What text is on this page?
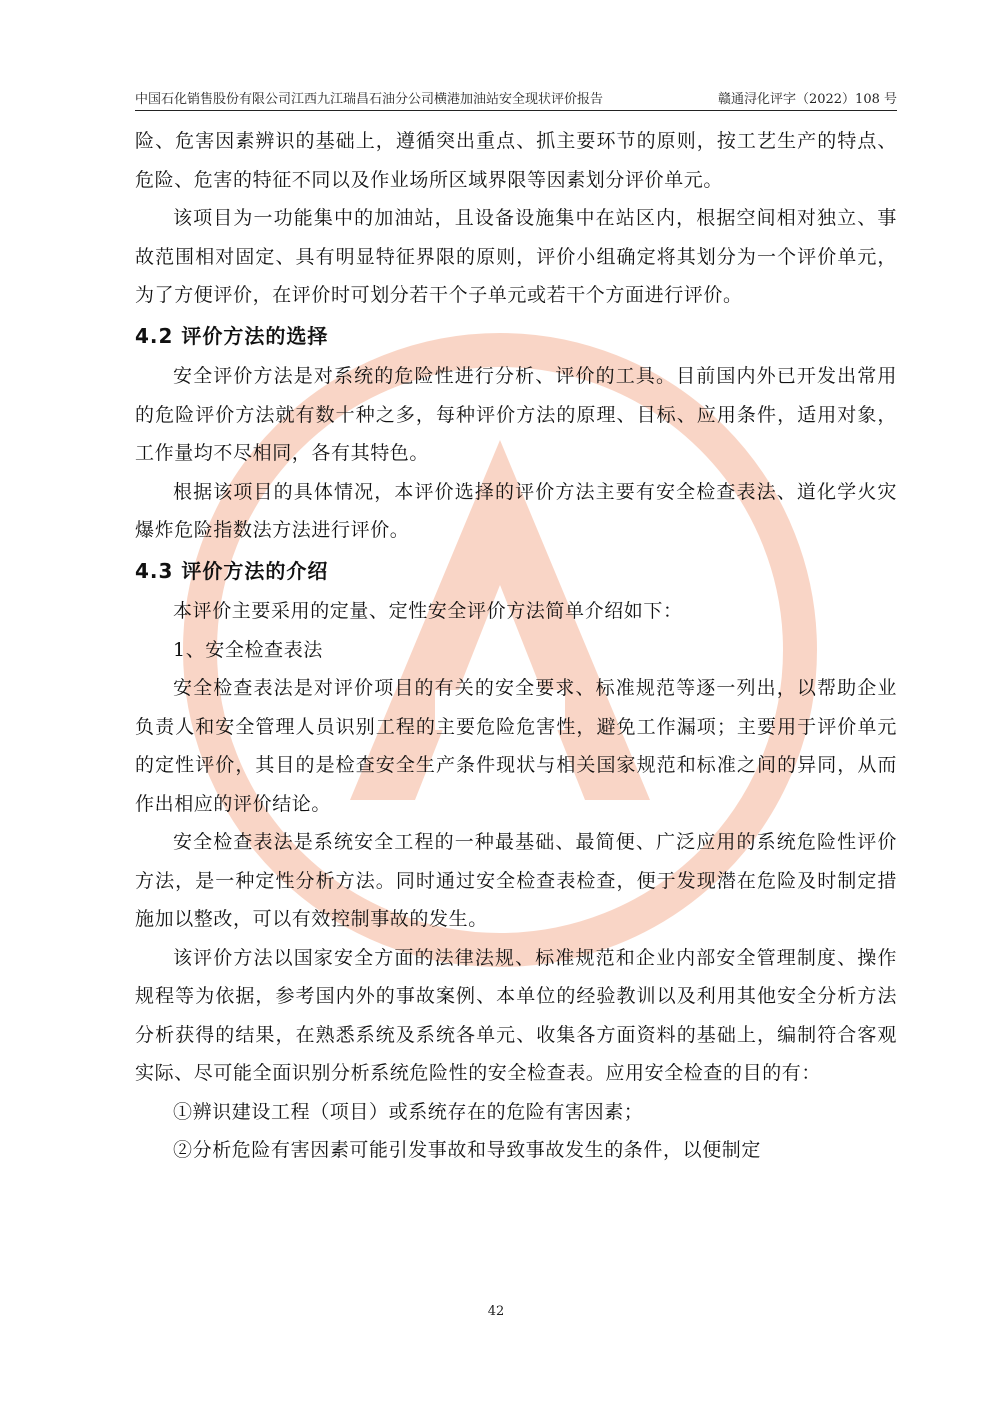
中国石化销售股份有限公司江西九江瑞昌石油分公司横港加油站安全现状评价报告	赣通浔化评字（2022）108 号

险、危害因素辨识的基础上，遵循突出重点、抓主要环节的原则，按工艺生产的特点、危险、危害的特征不同以及作业场所区域界限等因素划分评价单元。

该项目为一功能集中的加油站，且设备设施集中在站区内，根据空间相对独立、事故范围相对固定、具有明显特征界限的原则，评价小组确定将其划分为一个评价单元，为了方便评价，在评价时可划分若干个子单元或若干个方面进行评价。

4.2 评价方法的选择

安全评价方法是对系统的危险性进行分析、评价的工具。目前国内外已开发出常用的危险评价方法就有数十种之多，每种评价方法的原理、目标、应用条件，适用对象，工作量均不尽相同，各有其特色。

根据该项目的具体情况，本评价选择的评价方法主要有安全检查表法、道化学火灾爆炸危险指数法方法进行评价。

4.3 评价方法的介绍

本评价主要采用的定量、定性安全评价方法简单介绍如下：

1、安全检查表法

安全检查表法是对评价项目的有关的安全要求、标准规范等逐一列出，以帮助企业负责人和安全管理人员识别工程的主要危险危害性，避免工作漏项；主要用于评价单元的定性评价，其目的是检查安全生产条件现状与相关国家规范和标准之间的异同，从而作出相应的评价结论。

安全检查表法是系统安全工程的一种最基础、最简便、广泛应用的系统危险性评价方法，是一种定性分析方法。同时通过安全检查表检查，便于发现潜在危险及时制定措施加以整改，可以有效控制事故的发生。

该评价方法以国家安全方面的法律法规、标准规范和企业内部安全管理制度、操作规程等为依据，参考国内外的事故案例、本单位的经验教训以及利用其他安全分析方法分析获得的结果，在熟悉系统及系统各单元、收集各方面资料的基础上，编制符合客观实际、尽可能全面识别分析系统危险性的安全检查表。应用安全检查的目的有：

①辨识建设工程（项目）或系统存在的危险有害因素；

②分析危险有害因素可能引发事故和导致事故发生的条件，以便制定

42
